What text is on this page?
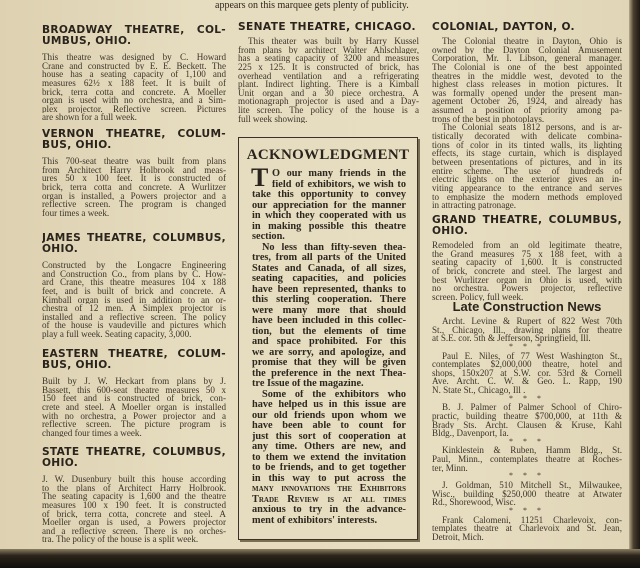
appears on this marquee gets plenty of publicity.
BROADWAY THEATRE, COL-
UMBUS, OHIO.
This theatre was designed by C. Howard
Crane and constructed by E. E. Beckett. The
house has a seating capacity of 1,100 and
measures 62½ x 188 feet. It is built of
brick, terra cotta and concrete. A Moeller
organ is used with no orchestra, and a Sim-
plex projector. Reflective screen. Pictures
are shown for a full week.
VERNON THEATRE, COLUM-
BUS, OHIO.
This 700-seat theatre was built from plans
from Architect Harry Holbrook and meas-
ures 50 x 100 feet. It is constructed of
brick, terra cotta and concrete. A Wurlitzer
organ is installed, a Powers projector and a
reflective screen. The program is changed
four times a week.
JAMES THEATRE, COLUMBUS,
OHIO.
Constructed by the Longacre Engineering
and Construction Co., from plans by C. How-
ard Crane, this theatre measures 104 x 188
feet, and is built of brick and concrete. A
Kimball organ is used in addition to an or-
chestra of 12 men. A Simplex projector is
installed and a reflective screen. The policy
of the house is vaudeville and pictures which
play a full week. Seating capacity, 3,000.
EASTERN THEATRE, COLUM-
BUS, OHIO.
Built by J. W. Heckart from plans by J.
Bassett, this 600-seat theatre measures 50 x
150 feet and is constructed of brick, con-
crete and steel. A Moeller organ is installed
with no orchestra, a Power projector and a
reflective screen. The picture program is
changed four times a week.
STATE THEATRE, COLUMBUS,
OHIO.
J. W. Dusenbury built this house according
to the plans of Architect Harry Holbrook.
The seating capacity is 1,600 and the theatre
measures 100 x 190 feet. It is constructed
of brick, terra cotta, concrete and steel. A
Moeller organ is used, a Powers projector
and a reflective screen. There is no orches-
tra. The policy of the house is a split week.
SENATE THEATRE, CHICAGO.
This theater was built by Harry Kussel
from plans by architect Walter Ahlschlager,
has a seating capacity of 3200 and measures
225 x 125. It is constructed of brick, has
overhead ventilation and a refrigerating
plant. Indirect lighting. There is a Kimball
Unit organ and a 30 piece orchestra. A
motionagraph projector is used and a Day-
lite screen. The policy of the house is a
full week showing.
ACKNOWLEDGMENT
T O our many friends in the
field of exhibitors, we wish to
take this opportunity to convey
our appreciation for the manner
in which they cooperated with us
in making possible this theatre
section.
No less than fifty-seven thea-
tres, from all parts of the United
States and Canada, of all sizes,
seating capacities, and policies
have been represented, thanks to
this sterling cooperation. There
were many more that should
have been included in this collec-
tion, but the elements of time
and space prohibited. For this
we are sorry, and apologize, and
promise that they will be given
the preference in the next Thea-
tre Issue of the magazine.
Some of the exhibitors who
have helped us in this issue are
our old friends upon whom we
have been able to count for
just this sort of cooperation at
any time. Others are new, and
to them we extend the invitation
to be friends, and to get together
in this way to put across the
many innovations the Exhibitors
Trade Review is at all times
anxious to try in the advance-
ment of exhibitors' interests.
COLONIAL, DAYTON, O.
The Colonial theatre in Dayton, Ohio is
owned by the Dayton Colonial Amusement
Corporation, Mr. I. Libson, general manager.
The Colonial is one of the best appointed
theatres in the middle west, devoted to the
highest class releases in motion pictures. It
was formally opened under the present man-
agement October 26, 1924, and already has
assumed a position of priority among pa-
trons of the best in photoplays.
The Colonial seats 1812 persons, and is ar-
tistically decorated with delicate combina-
tions of color in its tinted walls, its lighting
effects, its stage curtain, which is displayed
between presentations of pictures, and in its
entire scheme. The use of hundreds of
electric lights on the exterior gives an in-
viting appearance to the entrance and serves
to emphasize the modern methods employed
in attracting patronage.
GRAND THEATRE, COLUMBUS,
OHIO.
Remodeled from an old legitimate theatre,
the Grand measures 75 x 188 feet, with a
seating capacity of 1,600. It is constructed
of brick, concrete and steel. The largest and
best Wurlitzer organ in Ohio is used, with
no orchestra. Powers projector, reflective
screen. Policy, full week.
Late Construction News
Archt. Levine & Rupert of 822 West 70th
St., Chicago, Ill., drawing plans for theatre
at S.E. cor. 5th & Jefferson, Springfield, Ill.
* * *
Paul E. Niles, of 77 West Washington St.,
contemplates $2,000,000 theatre, hotel and
shops, 150x207 at S.W. cor. 53rd & Cornell
Ave. Archt. C. W. & Geo. L. Rapp, 190
N. State St., Chicago, Ill .
* * *
B. J. Palmer of Palmer School of Chiro-
practic, building theatre $700,000, at 11th &
Brady Sts. Archt. Clausen & Kruse, Kahl
Bldg., Davenport, Ia.
* * *
Kinklestein & Ruben, Hamm Bldg., St.
Paul, Minn., contemplates theatre at Roches-
ter, Minn.
* * *
J. Goldman, 510 Mitchell St., Milwaukee,
Wisc., building $250,000 theatre at Atwater
Rd., Shorewood, Wisc.
* * *
Frank Calomeni, 11251 Charlevoix, con-
templates theatre at Charlevoix and St. Jean,
Detroit, Mich.
